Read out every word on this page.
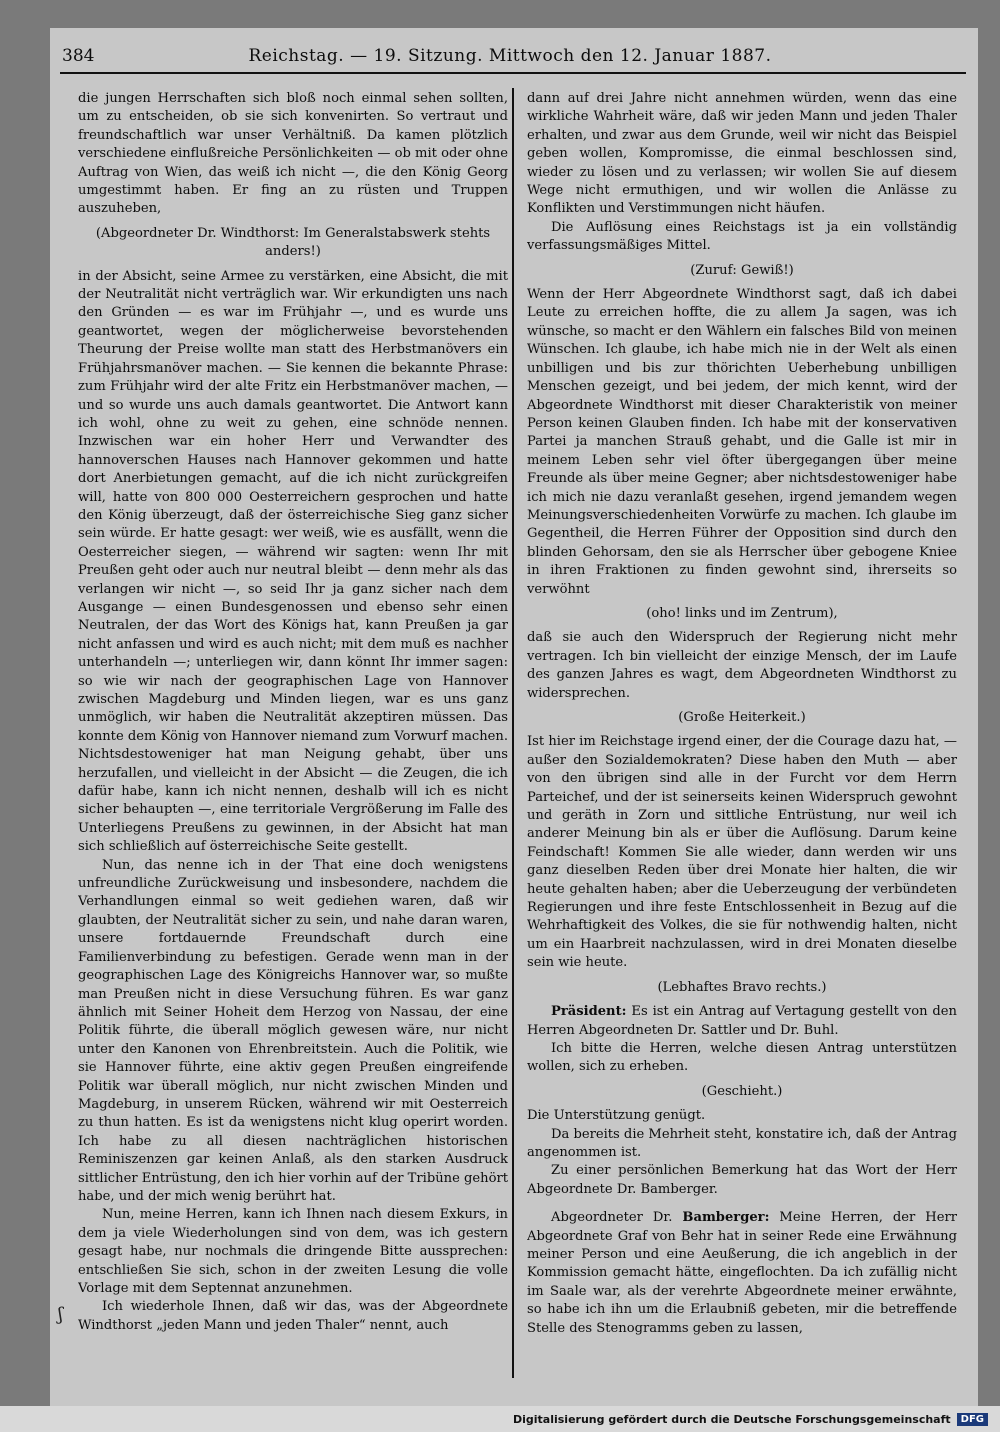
384	Reichstag. — 19. Sitzung. Mittwoch den 12. Januar 1887.

die jungen Herrschaften sich bloß noch einmal sehen sollten, um zu entscheiden, ob sie sich konvenirten. So vertraut und freundschaftlich war unser Verhältniß. Da kamen plötzlich verschiedene einflußreiche Persönlichkeiten — ob mit oder ohne Auftrag von Wien, das weiß ich nicht —, die den König Georg umgestimmt haben. Er fing an zu rüsten und Truppen auszuheben,

(Abgeordneter Dr. Windthorst: Im Generalstabswerk stehts anders!)

in der Absicht, seine Armee zu verstärken, eine Absicht, die mit der Neutralität nicht verträglich war. Wir erkundigten uns nach den Gründen — es war im Frühjahr —, und es wurde uns geantwortet, wegen der möglicherweise bevorstehenden Theurung der Preise wollte man statt des Herbstmanövers ein Frühjahrsmanöver machen. — Sie kennen die bekannte Phrase: zum Frühjahr wird der alte Fritz ein Herbstmanöver machen, — und so wurde uns auch damals geantwortet. Die Antwort kann ich wohl, ohne zu weit zu gehen, eine schnöde nennen. Inzwischen war ein hoher Herr und Verwandter des hannoverschen Hauses nach Hannover gekommen und hatte dort Anerbietungen gemacht, auf die ich nicht zurückgreifen will, hatte von 800 000 Oesterreichern gesprochen und hatte den König überzeugt, daß der österreichische Sieg ganz sicher sein würde. Er hatte gesagt: wer weiß, wie es ausfällt, wenn die Oesterreicher siegen, — während wir sagten: wenn Ihr mit Preußen geht oder auch nur neutral bleibt — denn mehr als das verlangen wir nicht —, so seid Ihr ja ganz sicher nach dem Ausgange — einen Bundesgenossen und ebenso sehr einen Neutralen, der das Wort des Königs hat, kann Preußen ja gar nicht anfassen und wird es auch nicht; mit dem muß es nachher unterhandeln —; unterliegen wir, dann könnt Ihr immer sagen: so wie wir nach der geographischen Lage von Hannover zwischen Magdeburg und Minden liegen, war es uns ganz unmöglich, wir haben die Neutralität akzeptiren müssen. Das konnte dem König von Hannover niemand zum Vorwurf machen. Nichtsdestoweniger hat man Neigung gehabt, über uns herzufallen, und vielleicht in der Absicht — die Zeugen, die ich dafür habe, kann ich nicht nennen, deshalb will ich es nicht sicher behaupten —, eine territoriale Vergrößerung im Falle des Unterliegens Preußens zu gewinnen, in der Absicht hat man sich schließlich auf österreichische Seite gestellt.

Nun, das nenne ich in der That eine doch wenigstens unfreundliche Zurückweisung und insbesondere, nachdem die Verhandlungen einmal so weit gediehen waren, daß wir glaubten, der Neutralität sicher zu sein, und nahe daran waren, unsere fortdauernde Freundschaft durch eine Familienverbindung zu befestigen. Gerade wenn man in der geographischen Lage des Königreichs Hannover war, so mußte man Preußen nicht in diese Versuchung führen. Es war ganz ähnlich mit Seiner Hoheit dem Herzog von Nassau, der eine Politik führte, die überall möglich gewesen wäre, nur nicht unter den Kanonen von Ehrenbreitstein. Auch die Politik, wie sie Hannover führte, eine aktiv gegen Preußen eingreifende Politik war überall möglich, nur nicht zwischen Minden und Magdeburg, in unserem Rücken, während wir mit Oesterreich zu thun hatten. Es ist da wenigstens nicht klug operirt worden. Ich habe zu all diesen nachträglichen historischen Reminiszenzen gar keinen Anlaß, als den starken Ausdruck sittlicher Entrüstung, den ich hier vorhin auf der Tribüne gehört habe, und der mich wenig berührt hat.

Nun, meine Herren, kann ich Ihnen nach diesem Exkurs, in dem ja viele Wiederholungen sind von dem, was ich gestern gesagt habe, nur nochmals die dringende Bitte aussprechen: entschließen Sie sich, schon in der zweiten Lesung die volle Vorlage mit dem Septennat anzunehmen.

Ich wiederhole Ihnen, daß wir das, was der Abgeordnete Windthorst „jeden Mann und jeden Thaler“ nennt, auch

dann auf drei Jahre nicht annehmen würden, wenn das eine wirkliche Wahrheit wäre, daß wir jeden Mann und jeden Thaler erhalten, und zwar aus dem Grunde, weil wir nicht das Beispiel geben wollen, Kompromisse, die einmal beschlossen sind, wieder zu lösen und zu verlassen; wir wollen Sie auf diesem Wege nicht ermuthigen, und wir wollen die Anlässe zu Konflikten und Verstimmungen nicht häufen.

Die Auflösung eines Reichstags ist ja ein vollständig verfassungsmäßiges Mittel.

(Zuruf: Gewiß!)

Wenn der Herr Abgeordnete Windthorst sagt, daß ich dabei Leute zu erreichen hoffte, die zu allem Ja sagen, was ich wünsche, so macht er den Wählern ein falsches Bild von meinen Wünschen. Ich glaube, ich habe mich nie in der Welt als einen unbilligen und bis zur thörichten Ueberhebung unbilligen Menschen gezeigt, und bei jedem, der mich kennt, wird der Abgeordnete Windthorst mit dieser Charakteristik von meiner Person keinen Glauben finden. Ich habe mit der konservativen Partei ja manchen Strauß gehabt, und die Galle ist mir in meinem Leben sehr viel öfter übergegangen über meine Freunde als über meine Gegner; aber nichtsdestoweniger habe ich mich nie dazu veranlaßt gesehen, irgend jemandem wegen Meinungsverschiedenheiten Vorwürfe zu machen. Ich glaube im Gegentheil, die Herren Führer der Opposition sind durch den blinden Gehorsam, den sie als Herrscher über gebogene Kniee in ihren Fraktionen zu finden gewohnt sind, ihrerseits so verwöhnt

(oho! links und im Zentrum),

daß sie auch den Widerspruch der Regierung nicht mehr vertragen. Ich bin vielleicht der einzige Mensch, der im Laufe des ganzen Jahres es wagt, dem Abgeordneten Windthorst zu widersprechen.

(Große Heiterkeit.)

Ist hier im Reichstage irgend einer, der die Courage dazu hat, — außer den Sozialdemokraten? Diese haben den Muth — aber von den übrigen sind alle in der Furcht vor dem Herrn Parteichef, und der ist seinerseits keinen Widerspruch gewohnt und geräth in Zorn und sittliche Entrüstung, nur weil ich anderer Meinung bin als er über die Auflösung. Darum keine Feindschaft! Kommen Sie alle wieder, dann werden wir uns ganz dieselben Reden über drei Monate hier halten, die wir heute gehalten haben; aber die Ueberzeugung der verbündeten Regierungen und ihre feste Entschlossenheit in Bezug auf die Wehrhaftigkeit des Volkes, die sie für nothwendig halten, nicht um ein Haarbreit nachzulassen, wird in drei Monaten dieselbe sein wie heute.

(Lebhaftes Bravo rechts.)

Präsident: Es ist ein Antrag auf Vertagung gestellt von den Herren Abgeordneten Dr. Sattler und Dr. Buhl.

Ich bitte die Herren, welche diesen Antrag unterstützen wollen, sich zu erheben.

(Geschieht.)

Die Unterstützung genügt.

Da bereits die Mehrheit steht, konstatire ich, daß der Antrag angenommen ist.

Zu einer persönlichen Bemerkung hat das Wort der Herr Abgeordnete Dr. Bamberger.

Abgeordneter Dr. Bamberger: Meine Herren, der Herr Abgeordnete Graf von Behr hat in seiner Rede eine Erwähnung meiner Person und eine Aeußerung, die ich angeblich in der Kommission gemacht hätte, eingeflochten. Da ich zufällig nicht im Saale war, als der verehrte Abgeordnete meiner erwähnte, so habe ich ihn um die Erlaubniß gebeten, mir die betreffende Stelle des Stenogramms geben zu lassen,

ʃ
Digitalisierung gefördert durch die Deutsche Forschungsgemeinschaft	DFG
